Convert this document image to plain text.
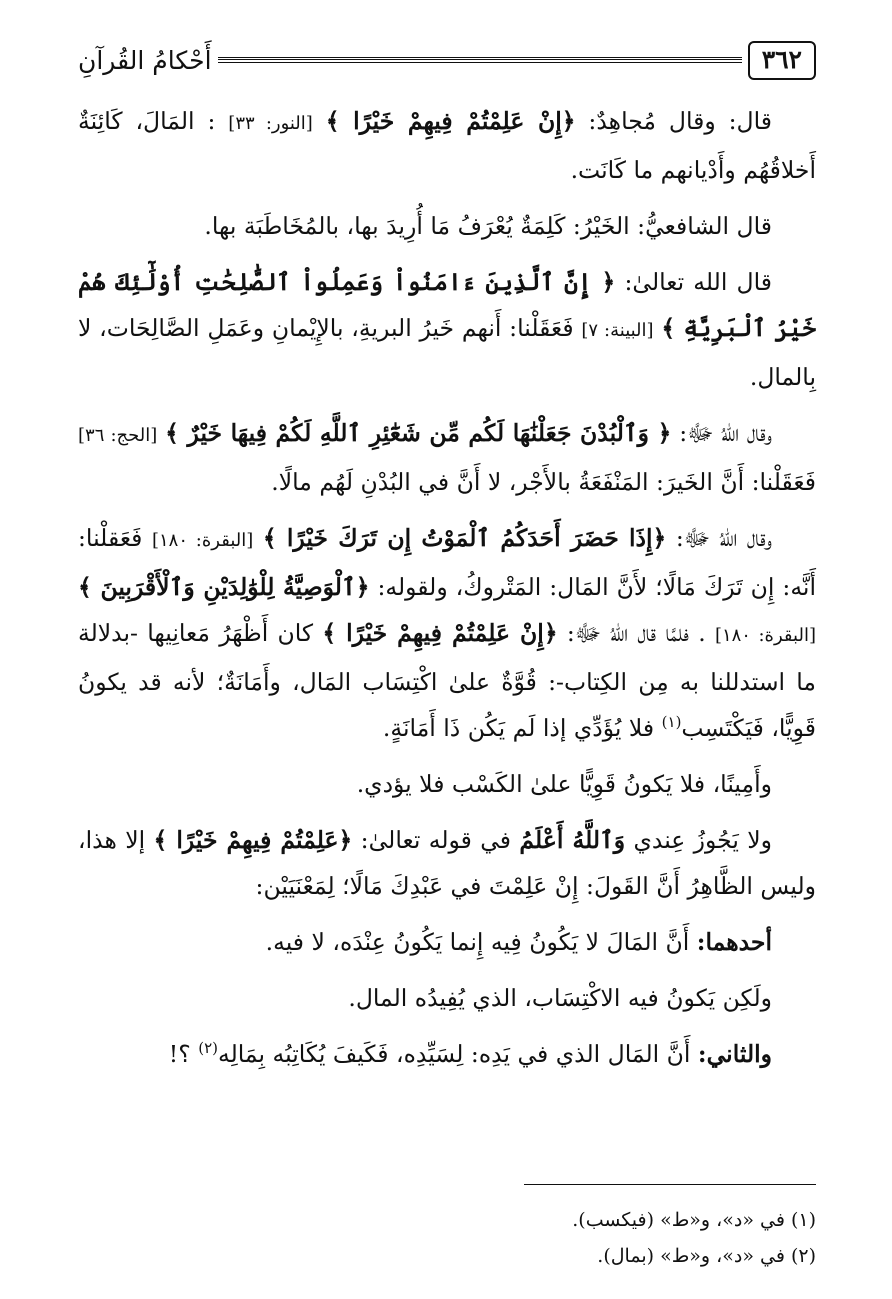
٣٦٢
أَحْكامُ القُرآنِ

قال: وقال مُجاهِدٌ: ﴿إِنْ عَلِمْتُمْ فِيهِمْ خَيْرًا ﴾ [النور: ٣٣] : المَالَ، كَائِنَةٌ أَخلاقُهُم وأَدْيانهم ما كَانَت.

قال الشافعيُّ: الخَيْرُ: كَلِمَةٌ يُعْرَفُ مَا أُرِيدَ بها، بالمُخَاطَبَة بها.

قال الله تعالىٰ: ﴿ إِنَّ ٱلَّذِينَ ءَامَنُواْ وَعَمِلُواْ ٱلصَّٰلِحَٰتِ أُوْلَٰٓئِكَ هُمْ خَيْرُ ٱلْبَرِيَّةِ ﴾ [البينة: ٧] فَعَقَلْنا: أَنهم خَيرُ البريةِ، بالإِيْمانِ وعَمَلِ الصَّالِحَات، لا بِالمال.

وقال اللهُ ﷻ: ﴿ وَٱلْبُدْنَ جَعَلْنَٰهَا لَكُم مِّن شَعَٰٓئِرِ ٱللَّهِ لَكُمْ فِيهَا خَيْرٌ ﴾ [الحج: ٣٦] فَعَقَلْنا: أَنَّ الخَيرَ: المَنْفَعَةُ بالأَجْر، لا أَنَّ في البُدْنِ لَهُم مالًا.

وقال اللهُ ﷻ: ﴿إِذَا حَضَرَ أَحَدَكُمُ ٱلْمَوْتُ إِن تَرَكَ خَيْرًا ﴾ [البقرة: ١٨٠] فَعَقلْنا: أَنَّه: إِن تَرَكَ مَالًا؛ لأَنَّ المَال: المَتْروكُ، ولقوله: ﴿ٱلْوَصِيَّةُ لِلْوَٰلِدَيْنِ وَٱلْأَقْرَبِينَ ﴾ [البقرة: ١٨٠] . فلمَّا قال اللهُ ﷻ: ﴿إِنْ عَلِمْتُمْ فِيهِمْ خَيْرًا ﴾ كان أَظْهَرُ مَعانِيها -بدلالة ما استدللنا به مِن الكِتاب-: قُوَّةٌ علىٰ اكْتِسَاب المَال، وأَمَانَةٌ؛ لأنه قد يكونُ قَوِيًّا، فَيَكْتَسِب$^{(١)}$ فلا يُؤَدِّي إذا لَم يَكُن ذَا أَمَانَةٍ.

وأَمِينًا، فلا يَكونُ قَوِيًّا علىٰ الكَسْب فلا يؤدي.

ولا يَجُوزُ عِندي وَٱللَّهُ أَعْلَمُ في قوله تعالىٰ: ﴿عَلِمْتُمْ فِيهِمْ خَيْرًا ﴾ إلا هذا، وليس الظَّاهِرُ أَنَّ القَولَ: إِنْ عَلِمْتَ في عَبْدِكَ مَالًا؛ لِمَعْنَيَيْن:

أحدهما: أَنَّ المَالَ لا يَكُونُ فِيه إِنما يَكُونُ عِنْدَه، لا فيه.

ولَكِن يَكونُ فيه الاكْتِسَاب، الذي يُفِيدُه المال.

والثاني: أَنَّ المَال الذي في يَدِه: لِسَيِّدِه، فَكَيفَ يُكَاتِبُه بِمَالِه$^{(٢)}$ ؟!

(١) في «د»، و«ط» (فيكسب).
(٢) في «د»، و«ط» (بمال).
